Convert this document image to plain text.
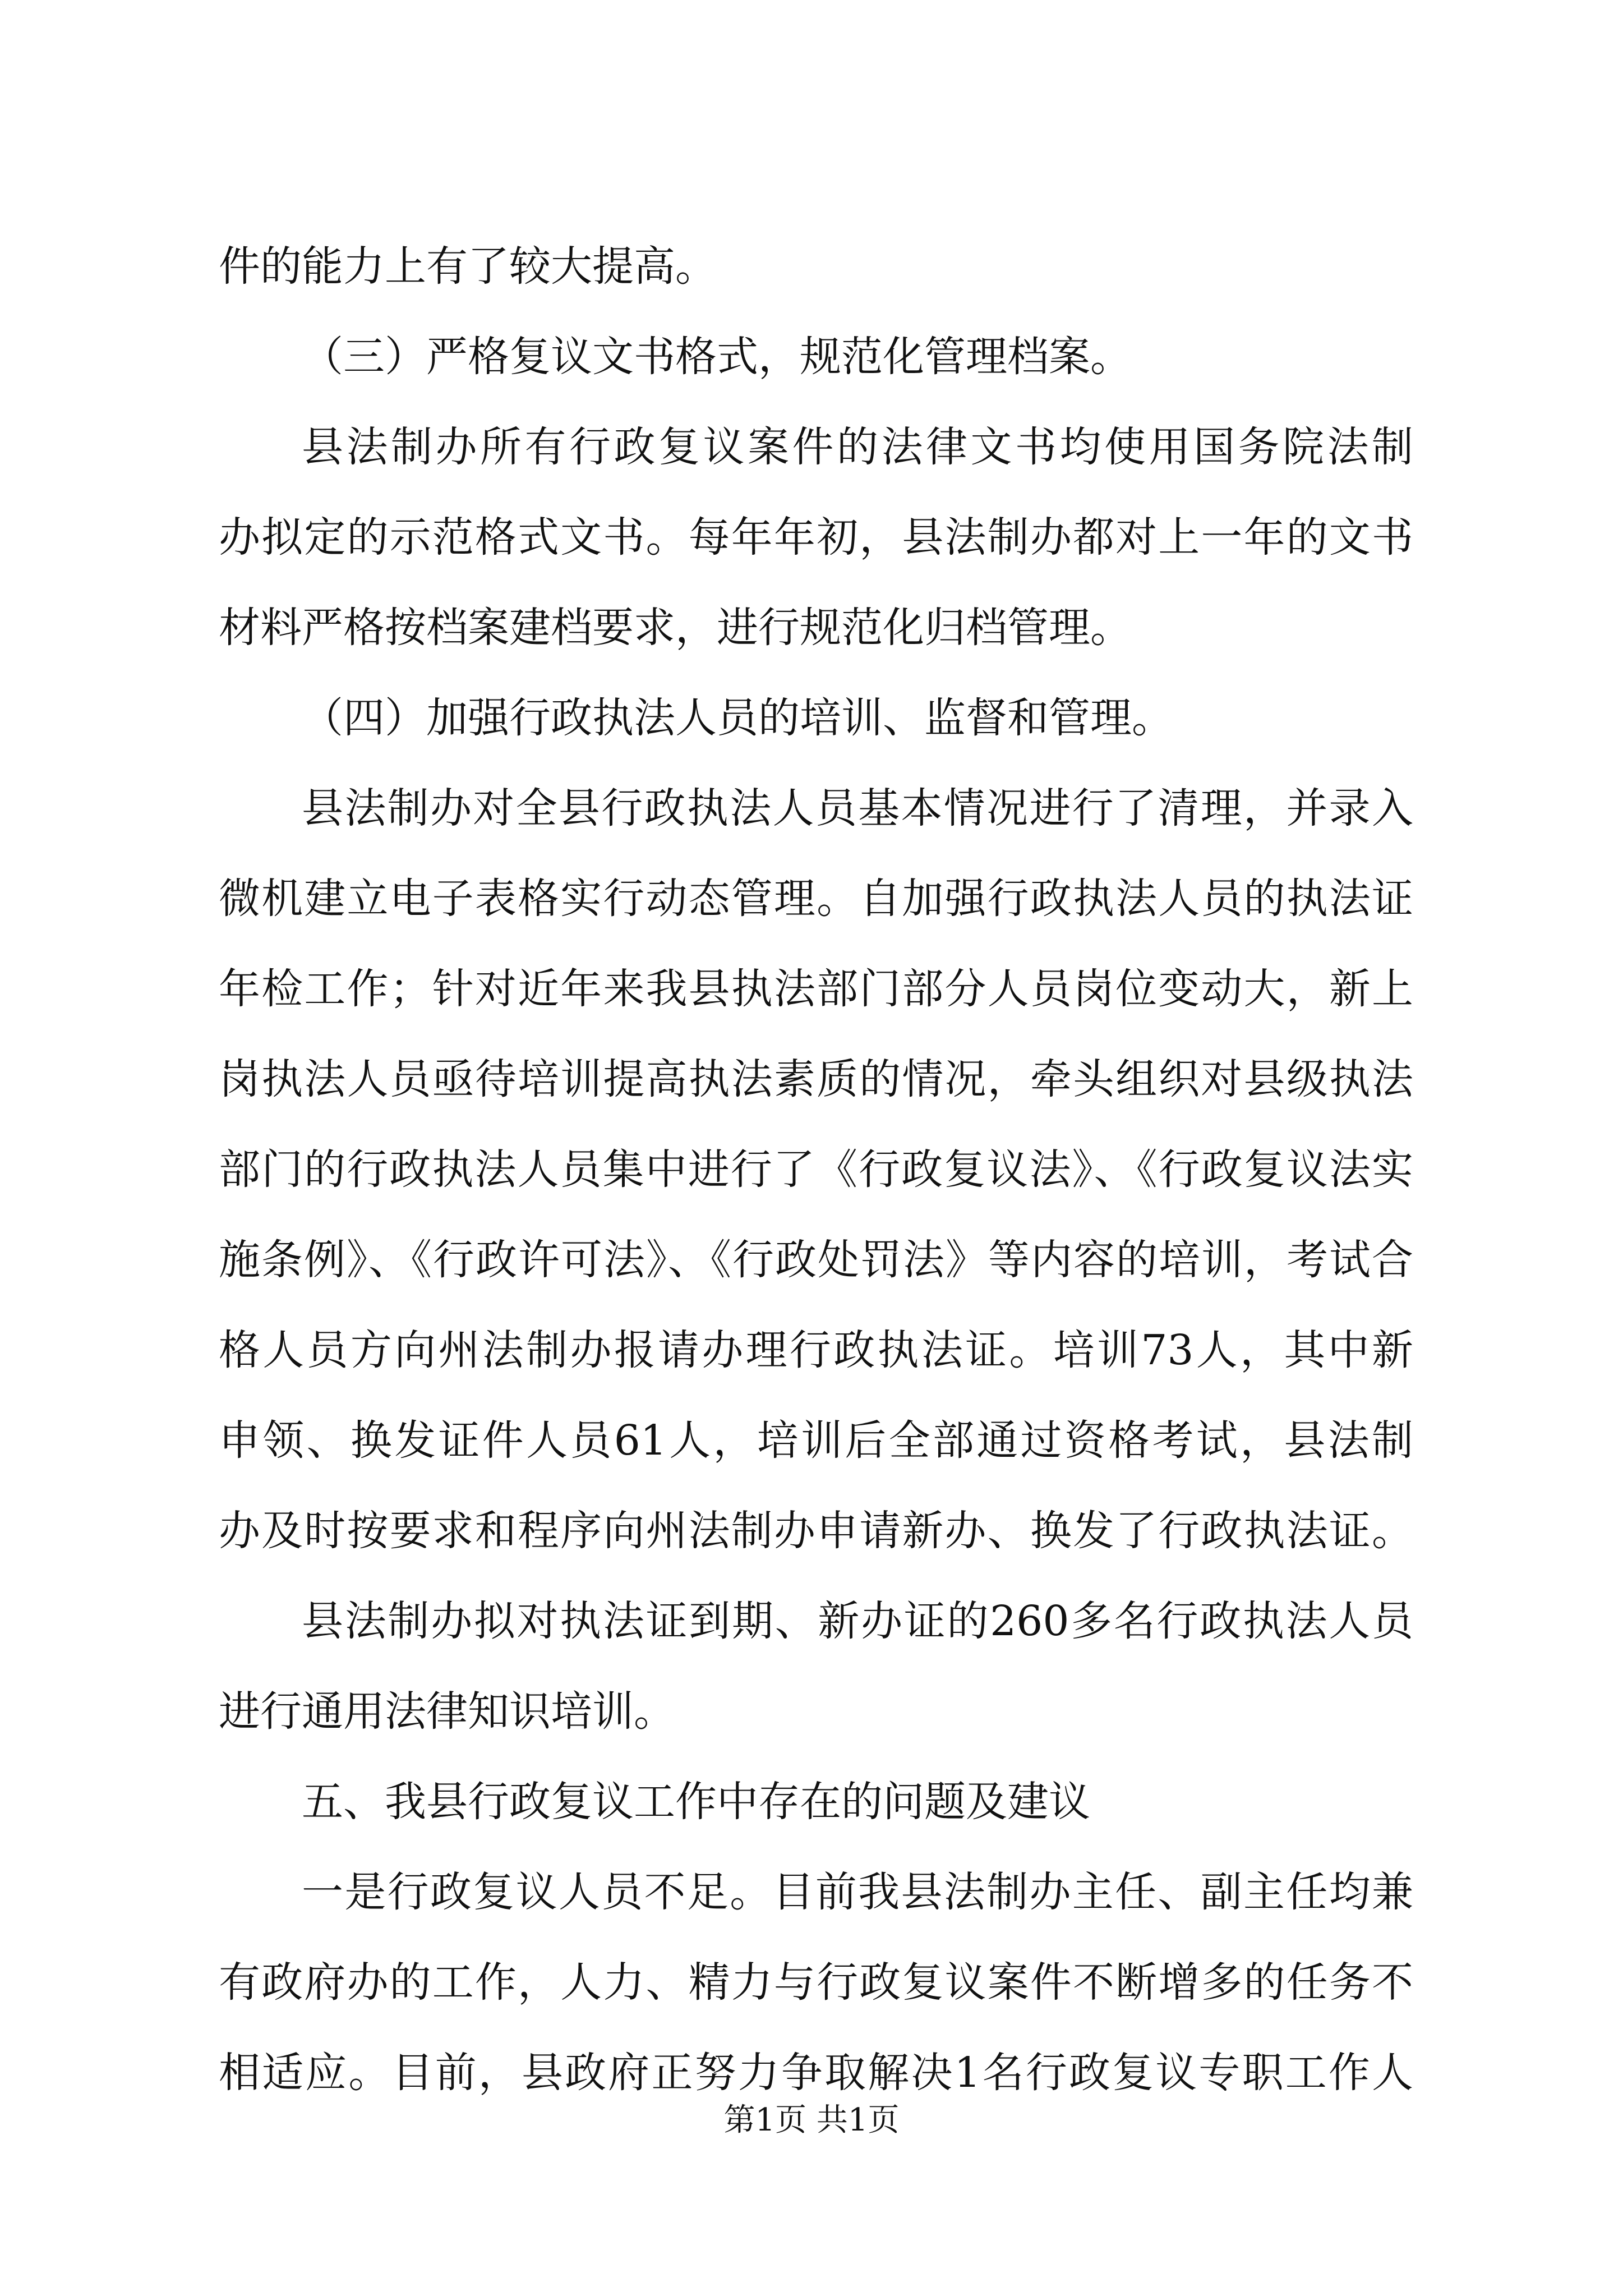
件的能力上有了较大提高。
（三）严格复议文书格式，规范化管理档案。
县法制办所有行政复议案件的法律文书均使用国务院法制
办拟定的示范格式文书。每年年初，县法制办都对上一年的文书
材料严格按档案建档要求，进行规范化归档管理。
（四）加强行政执法人员的培训、监督和管理。
县法制办对全县行政执法人员基本情况进行了清理，并录入
微机建立电子表格实行动态管理。自加强行政执法人员的执法证
年检工作；针对近年来我县执法部门部分人员岗位变动大，新上
岗执法人员亟待培训提高执法素质的情况，牵头组织对县级执法
部门的行政执法人员集中进行了《行政复议法》、《行政复议法实
施条例》、《行政许可法》、《行政处罚法》等内容的培训，考试合
格人员方向州法制办报请办理行政执法证。培训73人，其中新
申领、换发证件人员61人，培训后全部通过资格考试，县法制
办及时按要求和程序向州法制办申请新办、换发了行政执法证。
县法制办拟对执法证到期、新办证的260多名行政执法人员
进行通用法律知识培训。
五、我县行政复议工作中存在的问题及建议
一是行政复议人员不足。目前我县法制办主任、副主任均兼
有政府办的工作，人力、精力与行政复议案件不断增多的任务不
相适应。目前，县政府正努力争取解决1名行政复议专职工作人
第1页 共1页
